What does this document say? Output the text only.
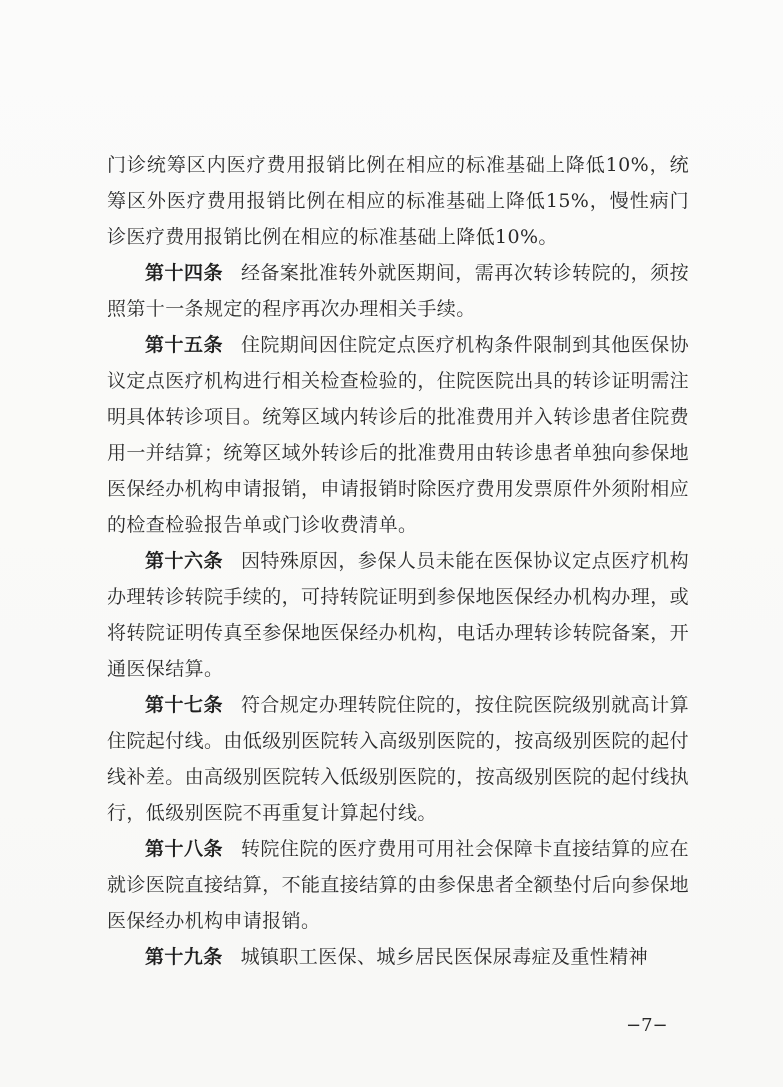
门诊统筹区内医疗费用报销比例在相应的标准基础上降低10%，统筹区外医疗费用报销比例在相应的标准基础上降低15%，慢性病门诊医疗费用报销比例在相应的标准基础上降低10%。

第十四条 经备案批准转外就医期间，需再次转诊转院的，须按照第十一条规定的程序再次办理相关手续。

第十五条 住院期间因住院定点医疗机构条件限制到其他医保协议定点医疗机构进行相关检查检验的，住院医院出具的转诊证明需注明具体转诊项目。统筹区域内转诊后的批准费用并入转诊患者住院费用一并结算；统筹区域外转诊后的批准费用由转诊患者单独向参保地医保经办机构申请报销，申请报销时除医疗费用发票原件外须附相应的检查检验报告单或门诊收费清单。

第十六条 因特殊原因，参保人员未能在医保协议定点医疗机构办理转诊转院手续的，可持转院证明到参保地医保经办机构办理，或将转院证明传真至参保地医保经办机构，电话办理转诊转院备案，开通医保结算。

第十七条 符合规定办理转院住院的，按住院医院级别就高计算住院起付线。由低级别医院转入高级别医院的，按高级别医院的起付线补差。由高级别医院转入低级别医院的，按高级别医院的起付线执行，低级别医院不再重复计算起付线。

第十八条 转院住院的医疗费用可用社会保障卡直接结算的应在就诊医院直接结算，不能直接结算的由参保患者全额垫付后向参保地医保经办机构申请报销。

第十九条 城镇职工医保、城乡居民医保尿毒症及重性精神

−7−
